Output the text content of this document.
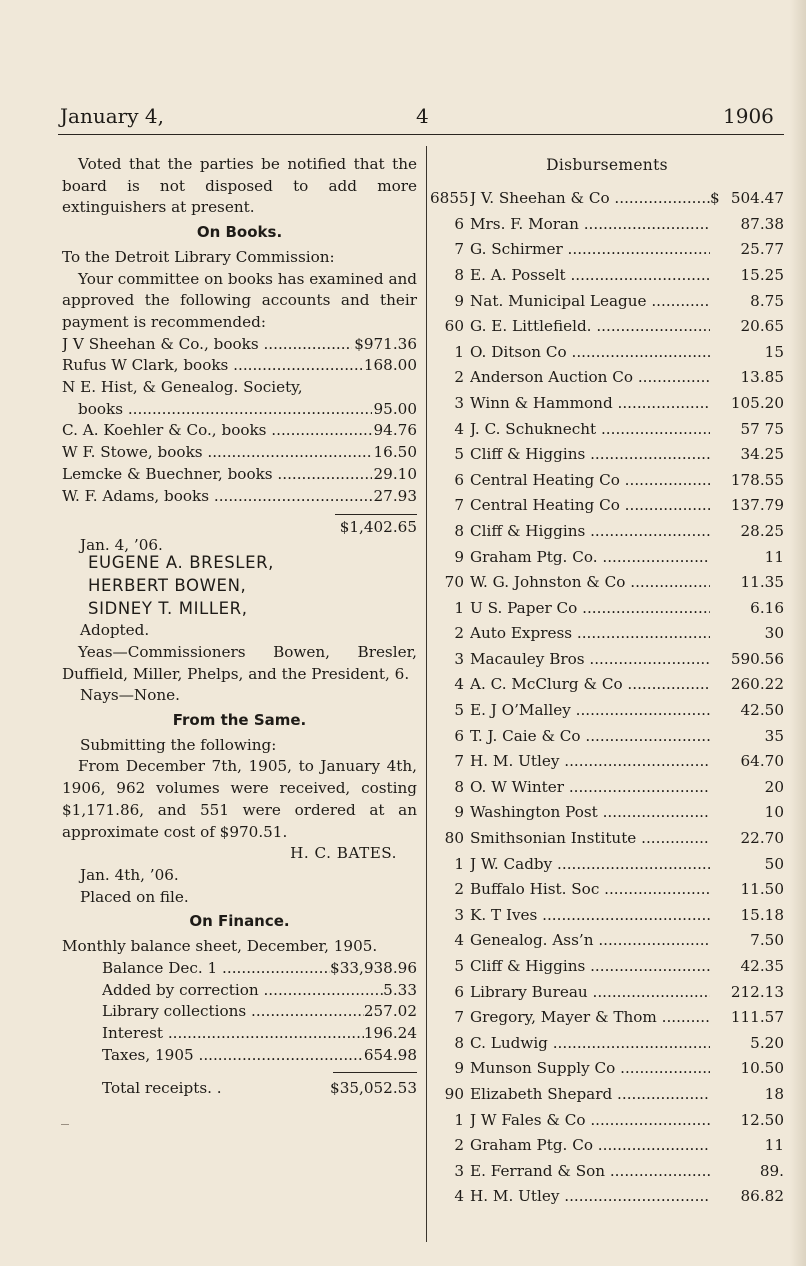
January 4,	4	1906
Voted that the parties be notified that the board is not disposed to add more extinguishers at present.
On Books.
To the Detroit Library Commission:
Your committee on books has examined and approved the following accounts and their payment is recommended:
J V Sheehan & Co., books .....	$971.36
Rufus W Clark, books .....	168.00
N E. Hist, & Genealog. Society,
books .....	95.00
C. A. Koehler & Co., books .....	94.76
W F. Stowe, books .....	16.50
Lemcke & Buechner, books .....	29.10
W. F. Adams, books .....	27.93
$1,402.65
Jan. 4, ’06.
EUGENE A. BRESLER,
HERBERT BOWEN,
SIDNEY T. MILLER,
Adopted.
Yeas—Commissioners Bowen, Bresler, Duffield, Miller, Phelps, and the President, 6.
Nays—None.
From the Same.
Submitting the following:
From December 7th, 1905, to January 4th, 1906, 962 volumes were received, costing $1,171.86, and 551 were ordered at an approximate cost of $970.51.
H. C. BATES.
Jan. 4th, ’06.
Placed on file.
On Finance.
Monthly balance sheet, December, 1905.
Balance Dec. 1 .....	$33,938.96
Added by correction .....	5.33
Library collections .....	257.02
Interest .....	196.24
Taxes, 1905 .....	654.98
Total receipts. .	$35,052.53
Disbursements
6855 J V. Sheehan & Co .....	$ 504.47
6 Mrs. F. Moran .....	87.38
7 G. Schirmer .....	25.77
8 E. A. Posselt .....	15.25
9 Nat. Municipal League .....	8.75
60 G. E. Littlefield. .....	20.65
1 O. Ditson Co .....	15
2 Anderson Auction Co .....	13.85
3 Winn & Hammond .....	105.20
4 J. C. Schuknecht .....	57 75
5 Cliff & Higgins .....	34.25
6 Central Heating Co .....	178.55
7 Central Heating Co .....	137.79
8 Cliff & Higgins .....	28.25
9 Graham Ptg. Co. .....	11
70 W. G. Johnston & Co .....	11.35
1 U S. Paper Co .....	6.16
2 Auto Express .....	30
3 Macauley Bros .....	590.56
4 A. C. McClurg & Co .....	260.22
5 E. J O’Malley .....	42.50
6 T. J. Caie & Co .....	35
7 H. M. Utley .....	64.70
8 O. W Winter .....	20
9 Washington Post .....	10
80 Smithsonian Institute .....	22.70
1 J W. Cadby .....	50
2 Buffalo Hist. Soc .....	11.50
3 K. T Ives .....	15.18
4 Genealog. Ass’n .....	7.50
5 Cliff & Higgins .....	42.35
6 Library Bureau .....	212.13
7 Gregory, Mayer & Thom .....	111.57
8 C. Ludwig .....	5.20
9 Munson Supply Co .....	10.50
90 Elizabeth Shepard .....	18
1 J W Fales & Co .....	12.50
2 Graham Ptg. Co .....	11
3 E. Ferrand & Son .....	89.
4 H. M. Utley .....	86.82
